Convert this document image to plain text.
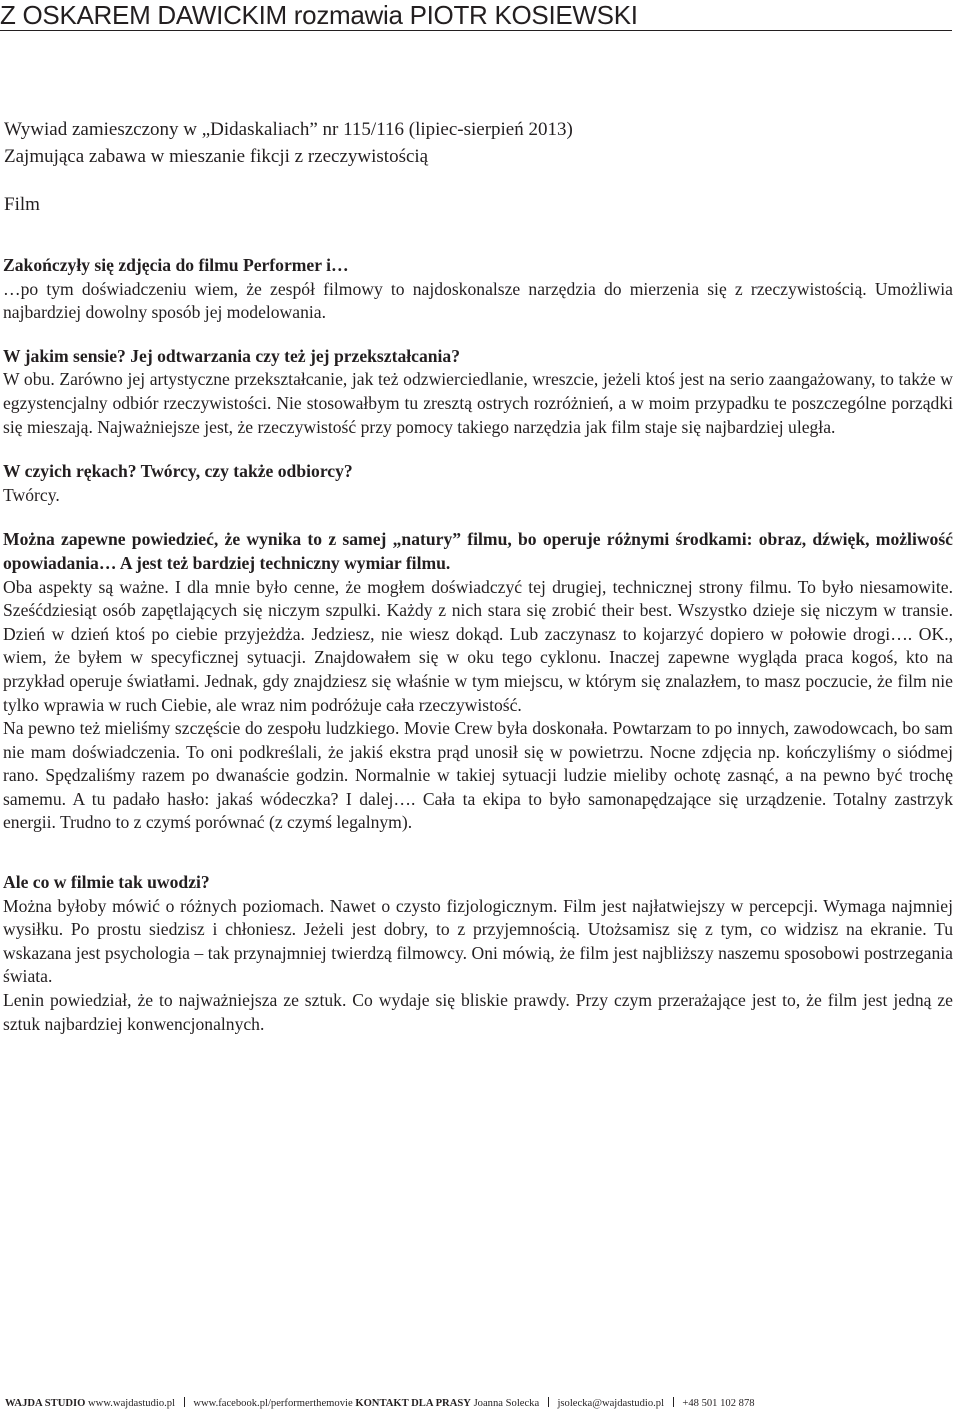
Z OSKAREM DAWICKIM rozmawia PIOTR KOSIEWSKI
Wywiad zamieszczony w „Didaskaliach” nr 115/116 (lipiec-sierpień 2013)
Zajmująca zabawa w mieszanie fikcji z rzeczywistością
Film

Zakończyły się zdjęcia do filmu Performer i…

…po tym doświadczeniu wiem, że zespół filmowy to najdoskonalsze narzędzia do mierzenia się z rzeczywistością. Umożliwia najbardziej dowolny sposób jej modelowania.

W jakim sensie? Jej odtwarzania czy też jej przekształcania?

W obu. Zarówno jej artystyczne przekształcanie, jak też odzwierciedlanie, wreszcie, jeżeli ktoś jest na serio zaangażowany, to także w egzystencjalny odbiór rzeczywistości. Nie stosowałbym tu zresztą ostrych rozróżnień, a w moim przypadku te poszczególne porządki się mieszają. Najważniejsze jest, że rzeczywistość przy pomocy takiego narzędzia jak film staje się najbardziej uległa.

W czyich rękach? Twórcy, czy także odbiorcy?

Twórcy.

Można zapewne powiedzieć, że wynika to z samej „natury” filmu, bo operuje różnymi środkami: obraz, dźwięk, możliwość opowiadania… A jest też bardziej techniczny wymiar filmu.

Oba aspekty są ważne. I dla mnie było cenne, że mogłem doświadczyć tej drugiej, technicznej strony filmu. To było niesamowite. Sześćdziesiąt osób zapętlających się niczym szpulki. Każdy z nich stara się zrobić their best. Wszystko dzieje się niczym w transie. Dzień w dzień ktoś po ciebie przyjeżdża. Jedziesz, nie wiesz dokąd. Lub zaczynasz to kojarzyć dopiero w połowie drogi…. OK., wiem, że byłem w specyficznej sytuacji. Znajdowałem się w oku tego cyklonu. Inaczej zapewne wygląda praca kogoś, kto na przykład operuje światłami. Jednak, gdy znajdziesz się właśnie w tym miejscu, w którym się znalazłem, to masz poczucie, że film nie tylko wprawia w ruch Ciebie, ale wraz nim podróżuje cała rzeczywistość.

Na pewno też mieliśmy szczęście do zespołu ludzkiego. Movie Crew była doskonała. Powtarzam to po innych, zawodowcach, bo sam nie mam doświadczenia. To oni podkreślali, że jakiś ekstra prąd unosił się w powietrzu. Nocne zdjęcia np. kończyliśmy o siódmej rano. Spędzaliśmy razem po dwanaście godzin. Normalnie w takiej sytuacji ludzie mieliby ochotę zasnąć, a na pewno być trochę samemu. A tu padało hasło: jakaś wódeczka? I dalej…. Cała ta ekipa to było samonapędzające się urządzenie. Totalny zastrzyk energii. Trudno to z czymś porównać (z czymś legalnym).

Ale co w filmie tak uwodzi?

Można byłoby mówić o różnych poziomach. Nawet o czysto fizjologicznym. Film jest najłatwiejszy w percepcji. Wymaga najmniej wysiłku. Po prostu siedzisz i chłoniesz. Jeżeli jest dobry, to z przyjemnością. Utożsamisz się z tym, co widzisz na ekranie. Tu wskazana jest psychologia – tak przynajmniej twierdzą filmowcy. Oni mówią, że film jest najbliższy naszemu sposobowi postrzegania świata.

Lenin powiedział, że to najważniejsza ze sztuk. Co wydaje się bliskie prawdy. Przy czym przerażające jest to, że film jest jedną ze sztuk najbardziej konwencjonalnych.

WAJDA STUDIO www.wajdastudio.pl www.facebook.pl/performerthemovie KONTAKT DLA PRASY Joanna Solecka jsolecka@wajdastudio.pl +48 501 102 878
